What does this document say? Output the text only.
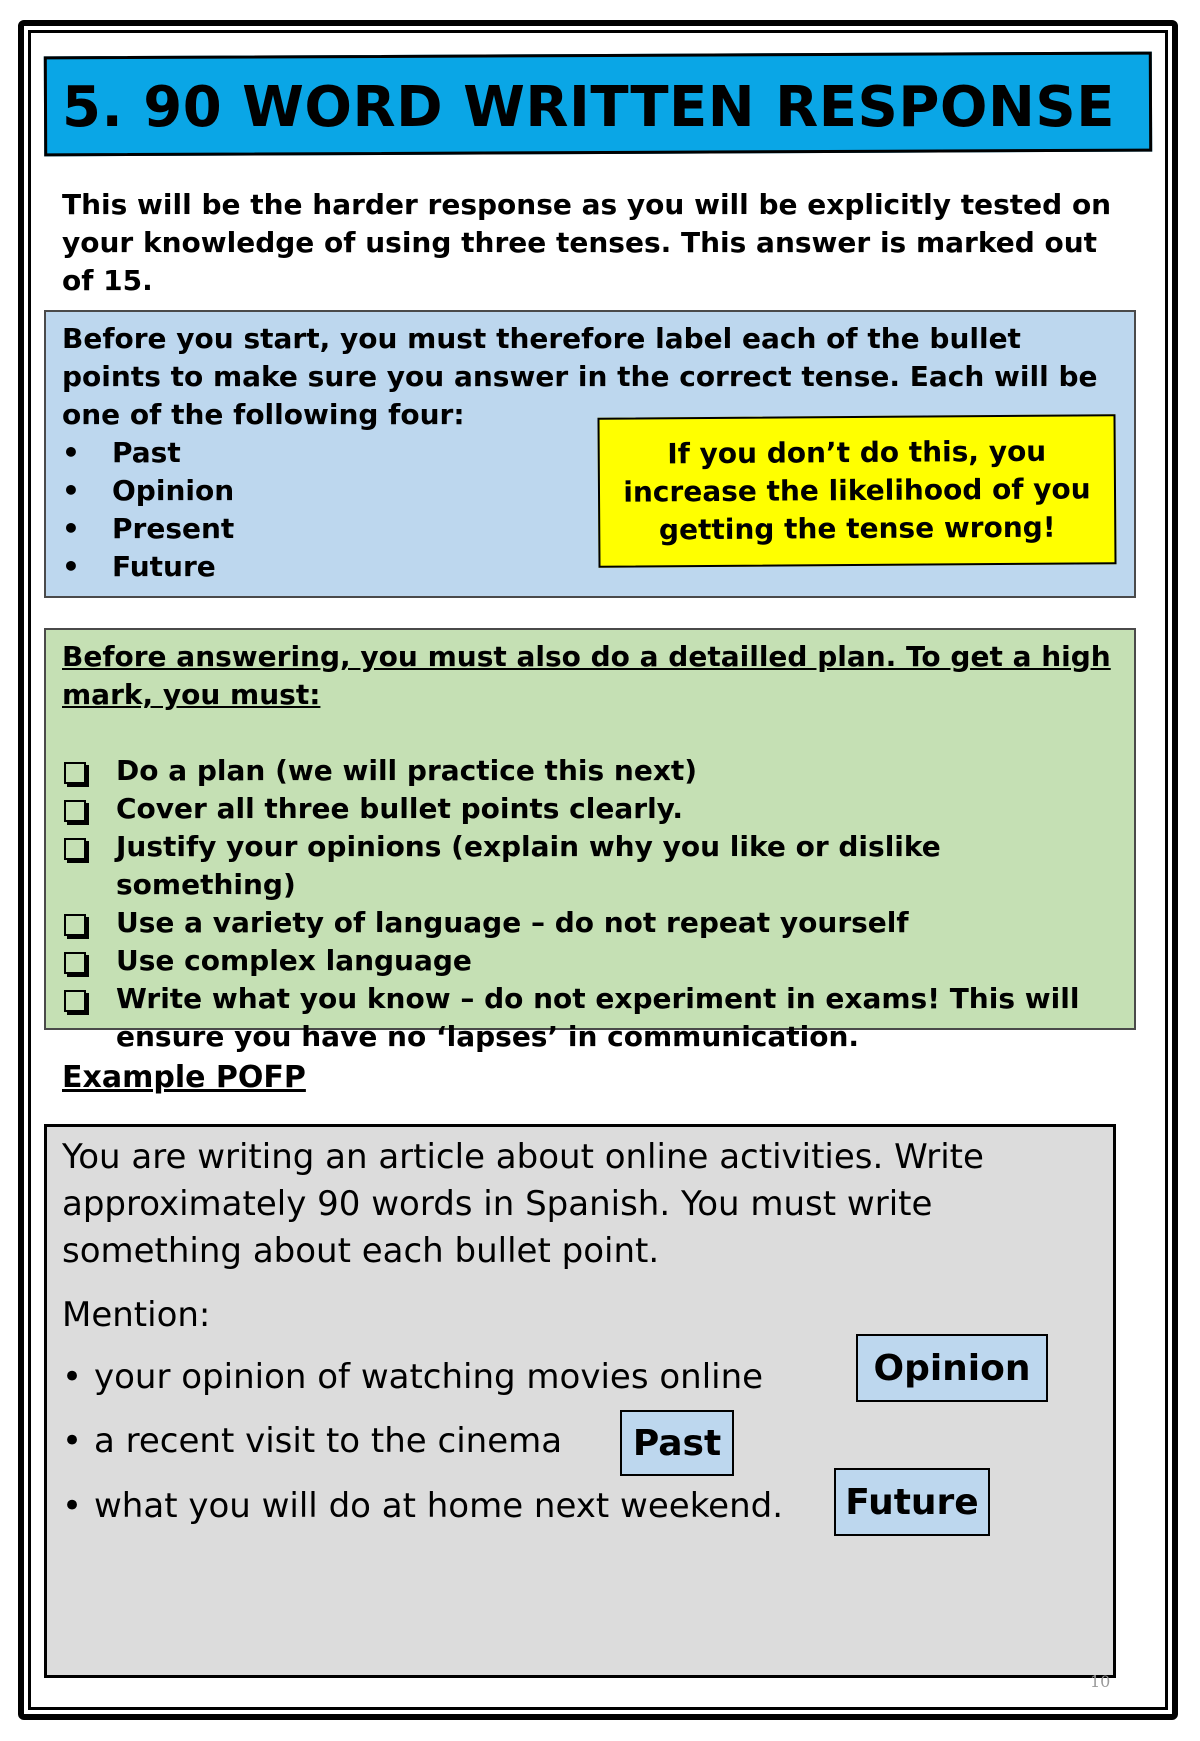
5. 90 WORD WRITTEN RESPONSE
This will be the harder response as you will be explicitly tested on your knowledge of using three tenses. This answer is marked out of 15.
Before you start, you must therefore label each of the bullet points to make sure you answer in the correct tense. Each will be one of the following four:
•	Past
•	Opinion
•	Present
•	Future
If you don’t do this, you increase the likelihood of you getting the tense wrong!
Before answering, you must also do a detailled plan. To get a high mark, you must:
Do a plan (we will practice this next)
Cover all three bullet points clearly.
Justify your opinions (explain why you like or dislike something)
Use a variety of language – do not repeat yourself
Use complex language
Write what you know – do not experiment in exams! This will ensure you have no ‘lapses’ in communication.
Example POFP
You are writing an article about online activities. Write approximately 90 words in Spanish. You must write something about each bullet point.
Mention:
• your opinion of watching movies online
• a recent visit to the cinema
• what you will do at home next weekend.
Opinion
Past
Future
10
